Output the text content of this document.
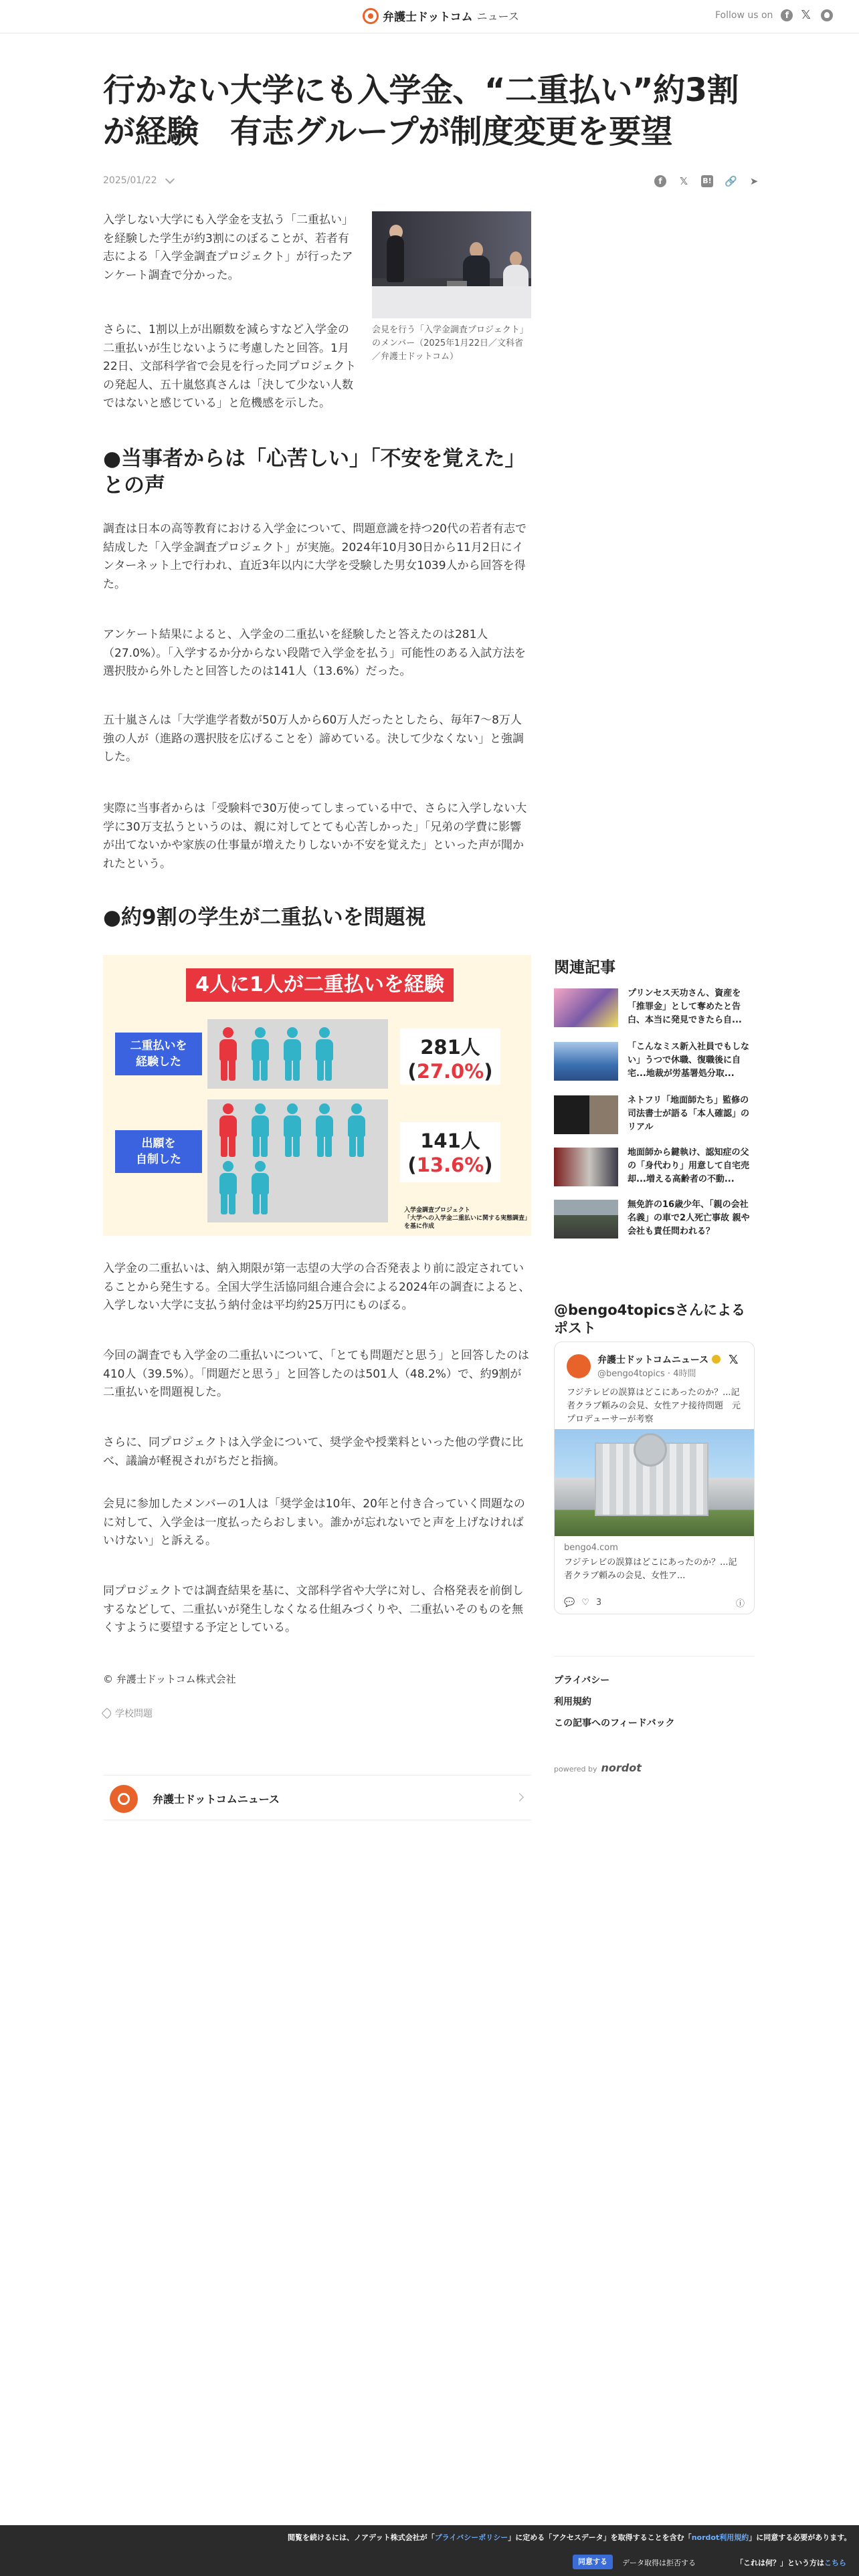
弁護士ドットコム ニュース	Follow us on	f	𝕏
行かない大学にも入学金、“二重払い”約3割が経験　有志グループが制度変更を要望
2025/01/22	f	𝕏 B! 🔗 ➤

入学しない大学にも入学金を支払う「二重払い」を経験した学生が約3割にのぼることが、若者有志による「入学金調査プロジェクト」が行ったアンケート調査で分かった。

さらに、1割以上が出願数を減らすなど入学金の二重払いが生じないように考慮したと回答。1月22日、文部科学省で会見を行った同プロジェクトの発起人、五十嵐悠真さんは「決して少ない人数ではないと感じている」と危機感を示した。

会見を行う「入学金調査プロジェクト」のメンバー（2025年1月22日／文科省／弁護士ドットコム）

●当事者からは「心苦しい」「不安を覚えた」との声

調査は日本の高等教育における入学金について、問題意識を持つ20代の若者有志で結成した「入学金調査プロジェクト」が実施。2024年10月30日から11月2日にインターネット上で行われ、直近3年以内に大学を受験した男女1039人から回答を得た。

アンケート結果によると、入学金の二重払いを経験したと答えたのは281人（27.0%）。「入学するか分からない段階で入学金を払う」可能性のある入試方法を選択肢から外したと回答したのは141人（13.6%）だった。

五十嵐さんは「大学進学者数が50万人から60万人だったとしたら、毎年7〜8万人強の人が（進路の選択肢を広げることを）諦めている。決して少なくない」と強調した。

実際に当事者からは「受験料で30万使ってしまっている中で、さらに入学しない大学に30万支払うというのは、親に対してとても心苦しかった」「兄弟の学費に影響が出てないかや家族の仕事量が増えたりしないか不安を覚えた」といった声が聞かれたという。

●約9割の学生が二重払いを問題視
4人に1人が二重払いを経験
二重払いを
経験した
281人
(27.0%)
出願を
自制した
141人
(13.6%)
入学金調査プロジェクト
「大学への入学金二重払いに関する実態調査」
を基に作成

入学金の二重払いは、納入期限が第一志望の大学の合否発表より前に設定されていることから発生する。全国大学生活協同組合連合会による2024年の調査によると、入学しない大学に支払う納付金は平均約25万円にものぼる。

今回の調査でも入学金の二重払いについて、「とても問題だと思う」と回答したのは410人（39.5%）。「問題だと思う」と回答したのは501人（48.2%）で、約9割が二重払いを問題視した。

さらに、同プロジェクトは入学金について、奨学金や授業料といった他の学費に比べ、議論が軽視されがちだと指摘。

会見に参加したメンバーの1人は「奨学金は10年、20年と付き合っていく問題なのに対して、入学金は一度払ったらおしまい。誰かが忘れないでと声を上げなければいけない」と訴える。

同プロジェクトでは調査結果を基に、文部科学省や大学に対し、合格発表を前倒しするなどして、二重払いが発生しなくなる仕組みづくりや、二重払いそのものを無くすように要望する予定としている。

© 弁護士ドットコム株式会社
学校問題
弁護士ドットコムニュース
関連記事
プリンセス天功さん、資産を「推罪金」として奪めたと告白、本当に発見できたら自...
「こんなミス新入社員でもしない」うつで休職、復職後に自宅...地裁が労基署処分取...
ネトフリ「地面師たち」監修の司法書士が語る「本人確認」のリアル
地面師から鍵執け、認知症の父の「身代わり」用意して自宅売却...増える高齢者の不動...
無免許の16歳少年、「親の会社名義」の車で2人死亡事故 親や会社も責任問われる？
@bengo4topicsさんによるポスト
弁護士ドットコムニュース
@bengo4topics · 4時間
𝕏
フジテレビの誤算はどこにあったのか？...記者クラブ頼みの会見、女性アナ接待問題　元プロデューサーが考察
bengo4.com
フジテレビの誤算はどこにあったのか？...記者クラブ頼みの会見、女性ア...
💬 ♡ 3	ⓘ
プライバシー
利用規約
この記事へのフィードバック
powered by nordot
閲覧を続けるには、ノアデット株式会社が「プライバシーポリシー」に定める「アクセスデータ」を取得することを含む「nordot利用規約」に同意する必要があります。
同意する	データ取得は拒否する	「これは何？」という方はこちら
